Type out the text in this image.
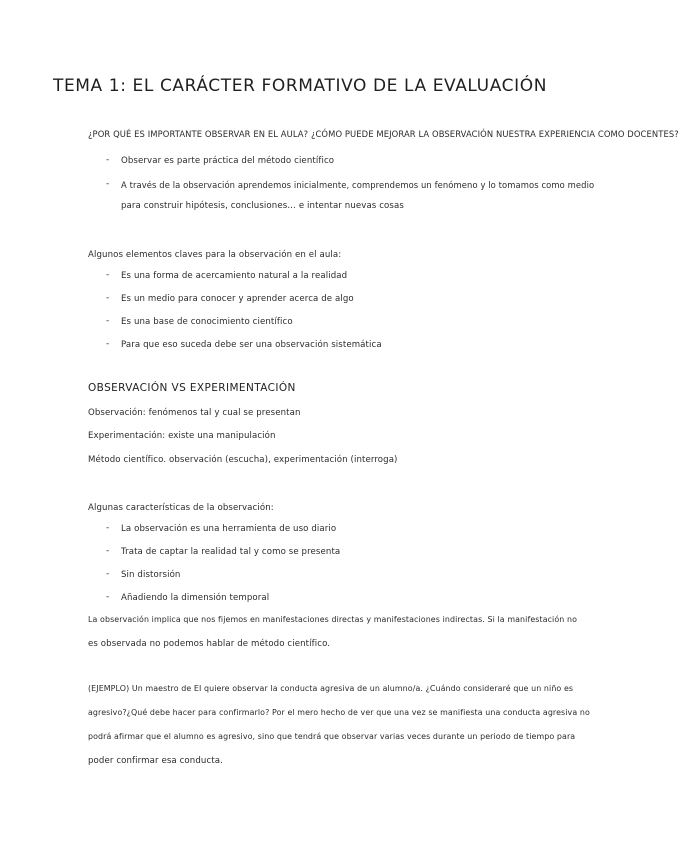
TEMA 1: EL CARÁCTER FORMATIVO DE LA EVALUACIÓN
¿POR QUÉ ES IMPORTANTE OBSERVAR EN EL AULA? ¿CÓMO PUEDE MEJORAR LA OBSERVACIÓN NUESTRA EXPERIENCIA COMO DOCENTES?
- Observar es parte práctica del método científico
- A través de la observación aprendemos inicialmente, comprendemos un fenómeno y lo tomamos como medio
para construir hipótesis, conclusiones… e intentar nuevas cosas
Algunos elementos claves para la observación en el aula:
- Es una forma de acercamiento natural a la realidad
- Es un medio para conocer y aprender acerca de algo
- Es una base de conocimiento científico
- Para que eso suceda debe ser una observación sistemática
OBSERVACIÓN VS EXPERIMENTACIÓN
Observación: fenómenos tal y cual se presentan
Experimentación: existe una manipulación
Método científico. observación (escucha), experimentación (interroga)
Algunas características de la observación:
- La observación es una herramienta de uso diario
- Trata de captar la realidad tal y como se presenta
- Sin distorsión
- Añadiendo la dimensión temporal
La observación implica que nos fijemos en manifestaciones directas y manifestaciones indirectas. Si la manifestación no
es observada no podemos hablar de método científico.
(EJEMPLO) Un maestro de EI quiere observar la conducta agresiva de un alumno/a. ¿Cuándo consideraré que un niño es
agresivo?¿Qué debe hacer para confirmarlo? Por el mero hecho de ver que una vez se manifiesta una conducta agresiva no
podrá afirmar que el alumno es agresivo, sino que tendrá que observar varias veces durante un periodo de tiempo para
poder confirmar esa conducta.
